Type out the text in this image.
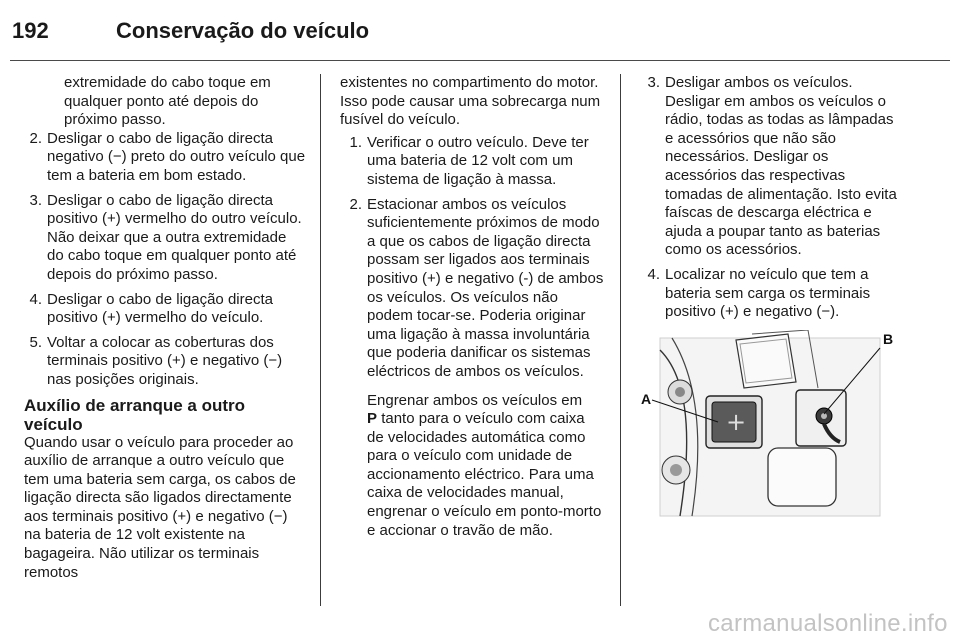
192	Conservação do veículo

extremidade do cabo toque em qualquer ponto até depois do próximo passo.

2. Desligar o cabo de ligação directa negativo (−) preto do outro veículo que tem a bateria em bom estado.
3. Desligar o cabo de ligação directa positivo (+) vermelho do outro veículo. Não deixar que a outra extremidade do cabo toque em qualquer ponto até depois do próximo passo.
4. Desligar o cabo de ligação directa positivo (+) vermelho do veículo.
5. Voltar a colocar as coberturas dos terminais positivo (+) e negativo (−) nas posições originais.

Auxílio de arranque a outro veículo

Quando usar o veículo para proceder ao auxílio de arranque a outro veículo que tem uma bateria sem carga, os cabos de ligação directa são ligados directamente aos terminais positivo (+) e negativo (−) na bateria de 12 volt existente na bagageira. Não utilizar os terminais remotos

existentes no compartimento do motor. Isso pode causar uma sobrecarga num fusível do veículo.

1. Verificar o outro veículo. Deve ter uma bateria de 12 volt com um sistema de ligação à massa.
2. Estacionar ambos os veículos suficientemente próximos de modo a que os cabos de ligação directa possam ser ligados aos terminais positivo (+) e negativo (-) de ambos os veículos. Os veículos não podem tocar-se. Poderia originar uma ligação à massa involuntária que poderia danificar os sistemas eléctricos de ambos os veículos.

Engrenar ambos os veículos em
P tanto para o veículo com caixa de velocidades automática como para o veículo com unidade de accionamento eléctrico. Para uma caixa de velocidades manual, engrenar o veículo em ponto-morto e accionar o travão de mão.

3. Desligar ambos os veículos. Desligar em ambos os veículos o rádio, todas as todas as lâmpadas e acessórios que não são necessários. Desligar os acessórios das respectivas tomadas de alimentação. Isto evita faíscas de descarga eléctrica e ajuda a poupar tanto as baterias como os acessórios.
4. Localizar no veículo que tem a bateria sem carga os terminais positivo (+) e negativo (−).
+
A
B
carmanualsonline.info
